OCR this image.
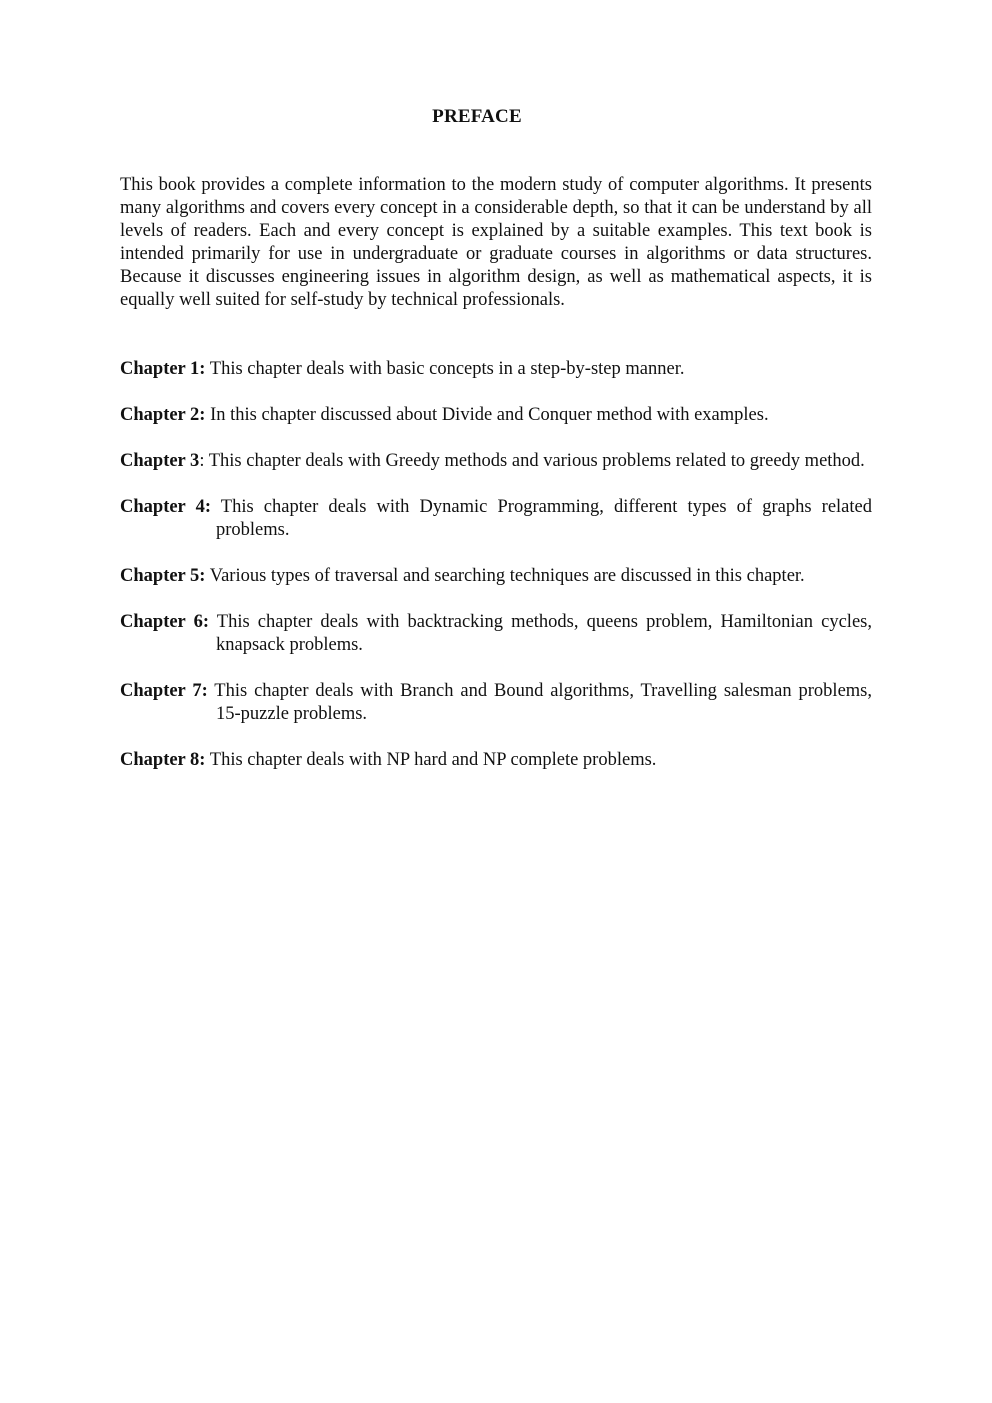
PREFACE

This book provides a complete information to the modern study of computer algorithms. It presents many algorithms and covers every concept in a considerable depth, so that it can be understand by all levels of readers. Each and every concept is explained by a suitable examples. This text book is intended primarily for use in undergraduate or graduate courses in algorithms or data structures. Because it discusses engineering issues in algorithm design, as well as mathematical aspects, it is equally well suited for self-study by technical professionals.

Chapter 1: This chapter deals with basic concepts in a step-by-step manner.
Chapter 2: In this chapter discussed about Divide and Conquer method with examples.
Chapter 3: This chapter deals with Greedy methods and various problems related to greedy method.
Chapter 4: This chapter deals with Dynamic Programming, different types of graphs related problems.
Chapter 5: Various types of traversal and searching techniques are discussed in this chapter.
Chapter 6: This chapter deals with backtracking methods, queens problem, Hamiltonian cycles, knapsack problems.
Chapter 7: This chapter deals with Branch and Bound algorithms, Travelling salesman problems, 15-puzzle problems.
Chapter 8: This chapter deals with NP hard and NP complete problems.
